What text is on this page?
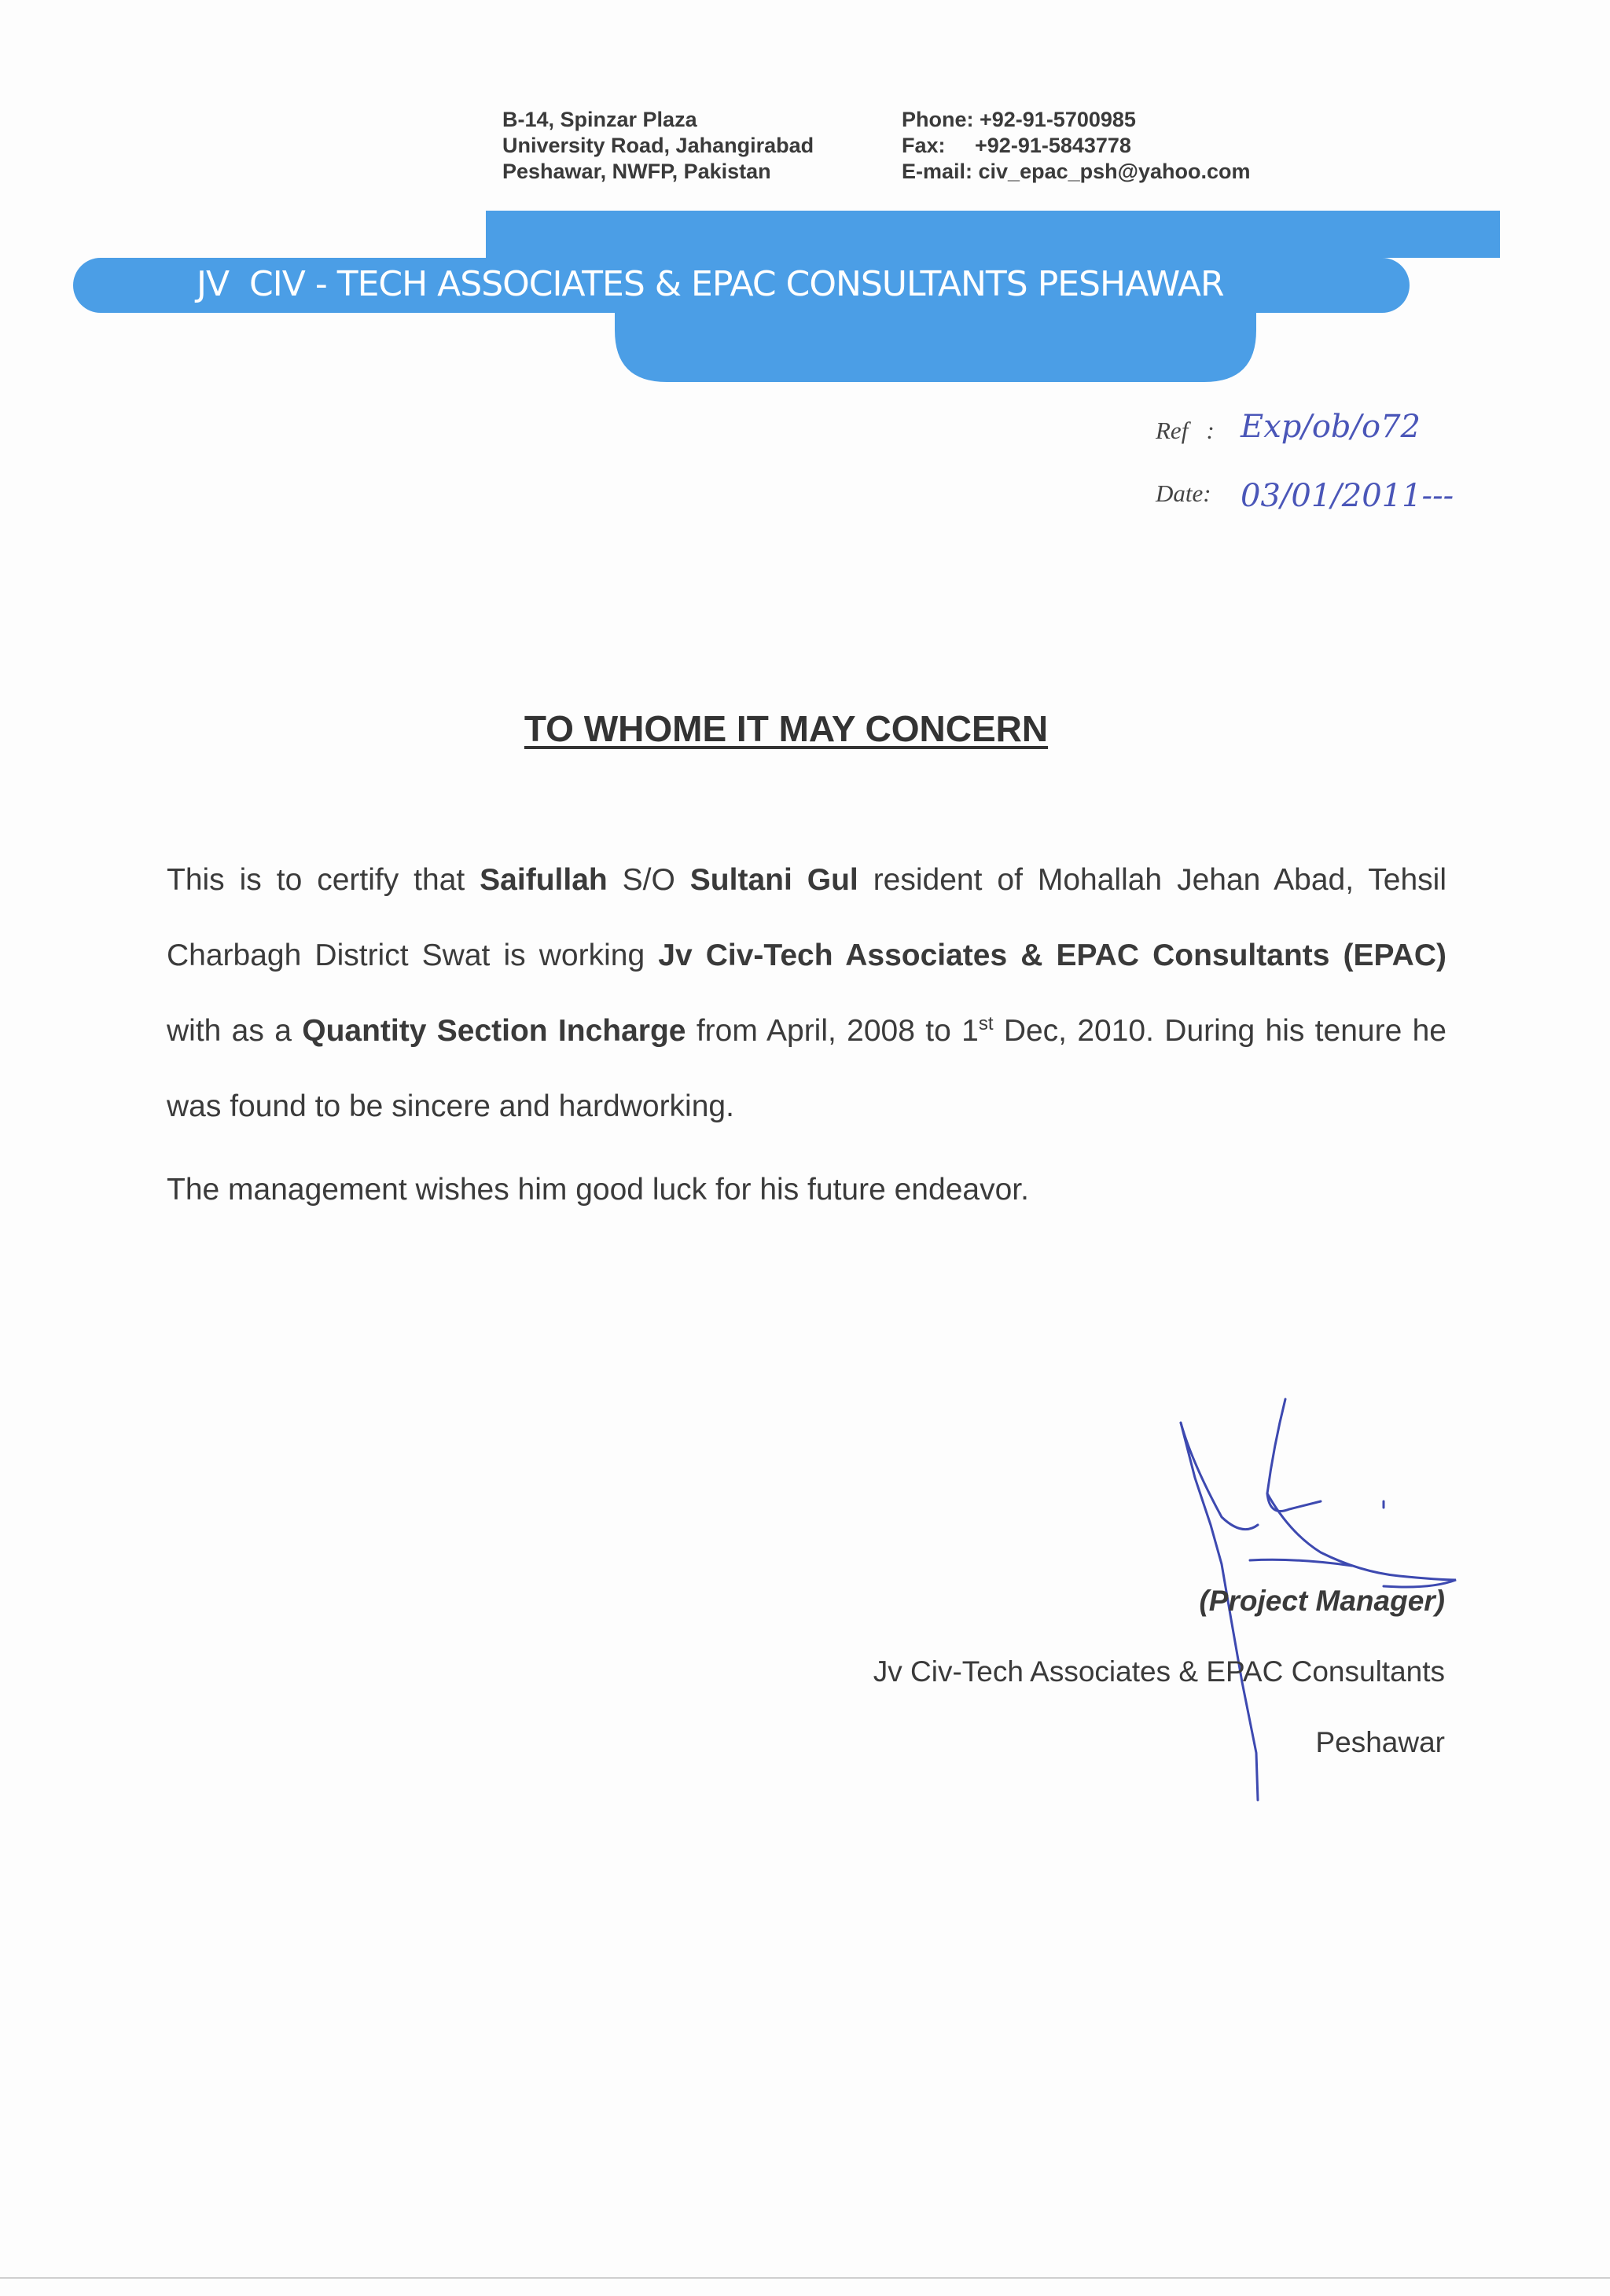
B-14, Spinzar Plaza
University Road, Jahangirabad
Peshawar, NWFP, Pakistan
Phone: +92-91-5700985
Fax:     +92-91-5843778
E-mail: civ_epac_psh@yahoo.com
JV  CIV - TECH ASSOCIATES & EPAC CONSULTANTS PESHAWAR
Ref   : Exp/ob/o72
Date: 03/01/2011---
TO WHOME IT MAY CONCERN
This is to certify that Saifullah S/O Sultani Gul resident of Mohallah Jehan Abad, Tehsil Charbagh District Swat is working Jv Civ-Tech Associates & EPAC Consultants (EPAC) with as a Quantity Section Incharge from April, 2008 to 1st Dec, 2010. During his tenure he was found to be sincere and hardworking.
The management wishes him good luck for his future endeavor.
(Project Manager)
Jv Civ-Tech Associates & EPAC Consultants
Peshawar
